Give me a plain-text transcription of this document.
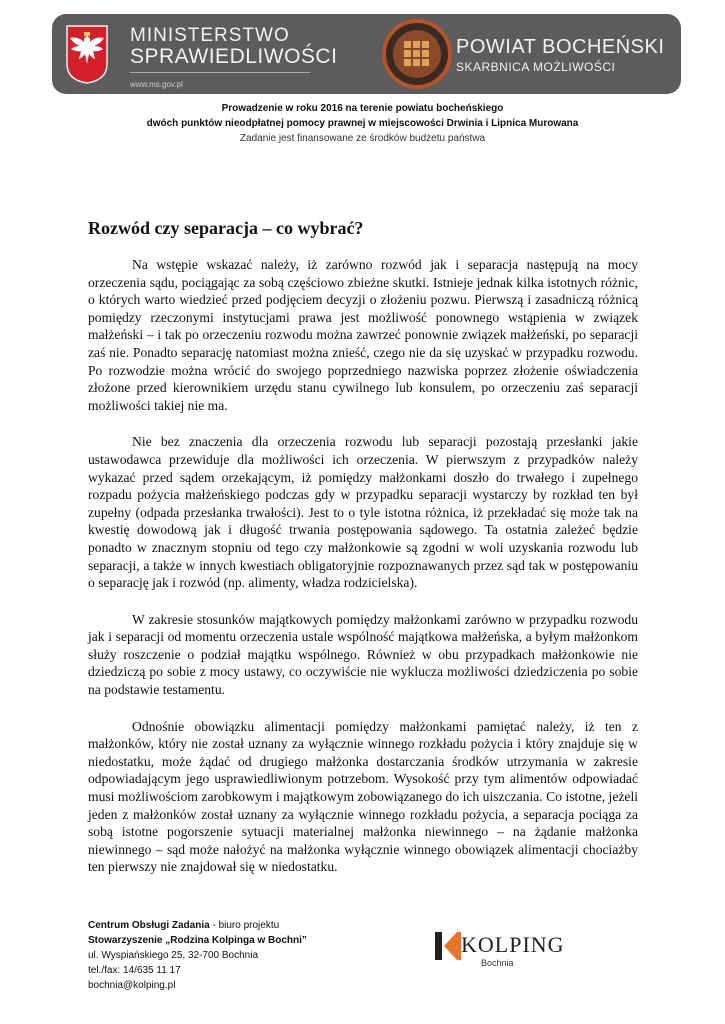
MINISTERSTWO
SPRAWIEDLIWOŚCI
www.ms.gov.pl
POWIAT BOCHEŃSKI
SKARBNICA MOŻLIWOŚCI
Prowadzenie w roku 2016 na terenie powiatu bocheńskiego
dwóch punktów nieodpłatnej pomocy prawnej w miejscowości Drwinia i Lipnica Murowana
Zadanie jest finansowane ze środków budżetu państwa
Rozwód czy separacja – co wybrać?

Na wstępie wskazać należy, iż zarówno rozwód jak i separacja następują na mocy orzeczenia sądu, pociągając za sobą częściowo zbieżne skutki. Istnieje jednak kilka istotnych różnic, o których warto wiedzieć przed podjęciem decyzji o złożeniu pozwu. Pierwszą i zasadniczą różnicą pomiędzy rzeczonymi instytucjami prawa jest możliwość ponownego wstąpienia w związek małżeński – i tak po orzeczeniu rozwodu można zawrzeć ponownie związek małżeński, po separacji zaś nie. Ponadto separację natomiast można znieść, czego nie da się uzyskać w przypadku rozwodu. Po rozwodzie można wrócić do swojego poprzedniego nazwiska poprzez złożenie oświadczenia złożone przed kierownikiem urzędu stanu cywilnego lub konsulem, po orzeczeniu zaś separacji możliwości takiej nie ma.

Nie bez znaczenia dla orzeczenia rozwodu lub separacji pozostają przesłanki jakie ustawodawca przewiduje dla możliwości ich orzeczenia. W pierwszym z przypadków należy wykazać przed sądem orzekającym, iż pomiędzy małżonkami doszło do trwałego i zupełnego rozpadu pożycia małżeńskiego podczas gdy w przypadku separacji wystarczy by rozkład ten był zupełny (odpada przesłanka trwałości). Jest to o tyle istotna różnica, iż przekładać się może tak na kwestię dowodową jak i długość trwania postępowania sądowego. Ta ostatnia zależeć będzie ponadto w znacznym stopniu od tego czy małżonkowie są zgodni w woli uzyskania rozwodu lub separacji, a także w innych kwestiach obligatoryjnie rozpoznawanych przez sąd tak w postępowaniu o separację jak i rozwód (np. alimenty, władza rodzicielska).

W zakresie stosunków majątkowych pomiędzy małżonkami zarówno w przypadku rozwodu jak i separacji od momentu orzeczenia ustale wspólność majątkowa małżeńska, a byłym małżonkom służy roszczenie o podział majątku wspólnego. Również w obu przypadkach małżonkowie nie dziedziczą po sobie z mocy ustawy, co oczywiście nie wyklucza możliwości dziedziczenia po sobie na podstawie testamentu.

Odnośnie obowiązku alimentacji pomiędzy małżonkami pamiętać należy, iż ten z małżonków, który nie został uznany za wyłącznie winnego rozkładu pożycia i który znajduje się w niedostatku, może żądać od drugiego małżonka dostarczania środków utrzymania w zakresie odpowiadającym jego usprawiedliwionym potrzebom. Wysokość przy tym alimentów odpowiadać musi możliwościom zarobkowym i majątkowym zobowiązanego do ich uiszczania. Co istotne, jeżeli jeden z małżonków został uznany za wyłącznie winnego rozkładu pożycia, a separacja pociąga za sobą istotne pogorszenie sytuacji materialnej małżonka niewinnego – na żądanie małżonka niewinnego – sąd może nałożyć na małżonka wyłącznie winnego obowiązek alimentacji chociażby ten pierwszy nie znajdował się w niedostatku.

Centrum Obsługi Zadania - biuro projektu
Stowarzyszenie „Rodzina Kolpinga w Bochni”
ul. Wyspiańskiego 25, 32-700 Bochnia
tel./fax: 14/635 11 17
bochnia@kolping.pl
KOLPING
Bochnia
